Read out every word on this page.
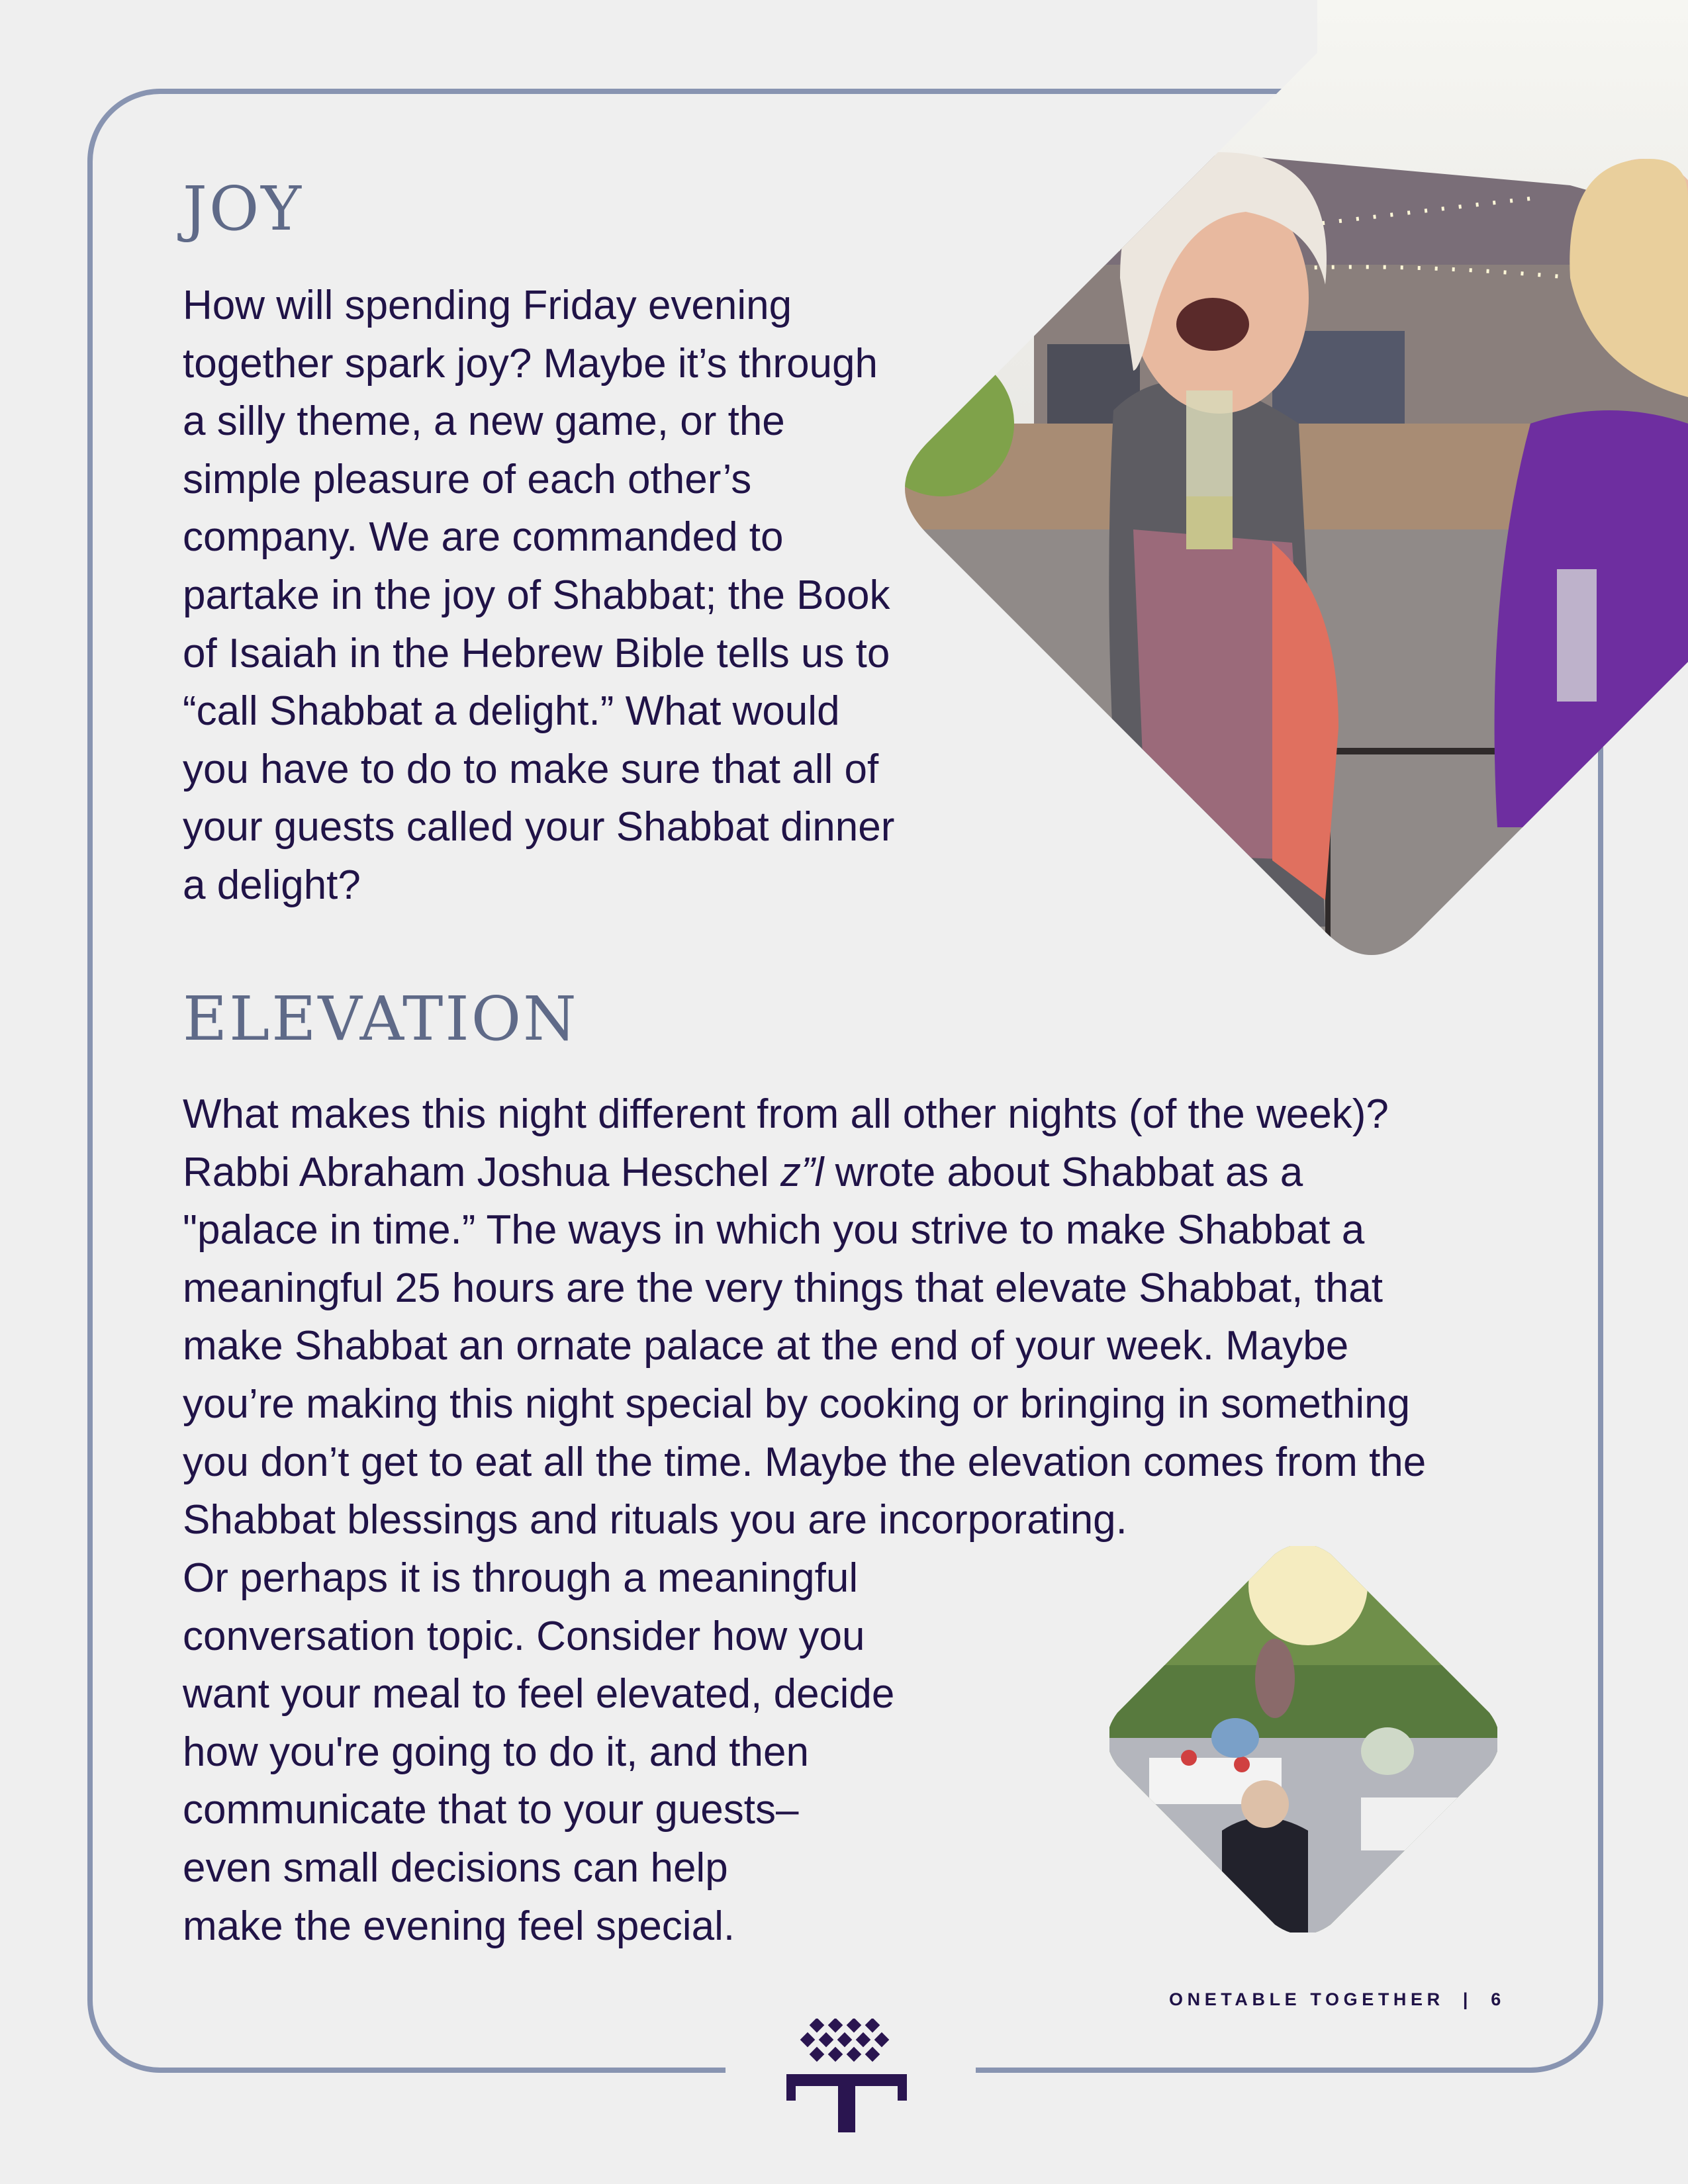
JOY
How will spending Friday evening
together spark joy? Maybe it’s through
a silly theme, a new game, or the
simple pleasure of each other’s
company. We are commanded to
partake in the joy of Shabbat; the Book
of Isaiah in the Hebrew Bible tells us to
“call Shabbat a delight.” What would
you have to do to make sure that all of
your guests called your Shabbat dinner
a delight?
ELEVATION
What makes this night different from all other nights (of the week)?
Rabbi Abraham Joshua Heschel z”l wrote about Shabbat as a
"palace in time.” The ways in which you strive to make Shabbat a
meaningful 25 hours are the very things that elevate Shabbat, that
make Shabbat an ornate palace at the end of your week. Maybe
you’re making this night special by cooking or bringing in something
you don’t get to eat all the time. Maybe the elevation comes from the
Shabbat blessings and rituals you are incorporating.
Or perhaps it is through a meaningful
conversation topic. Consider how you
want your meal to feel elevated, decide
how you're going to do it, and then
communicate that to your guests–
even small decisions can help
make the evening feel special.

ONETABLE TOGETHER  |  6
